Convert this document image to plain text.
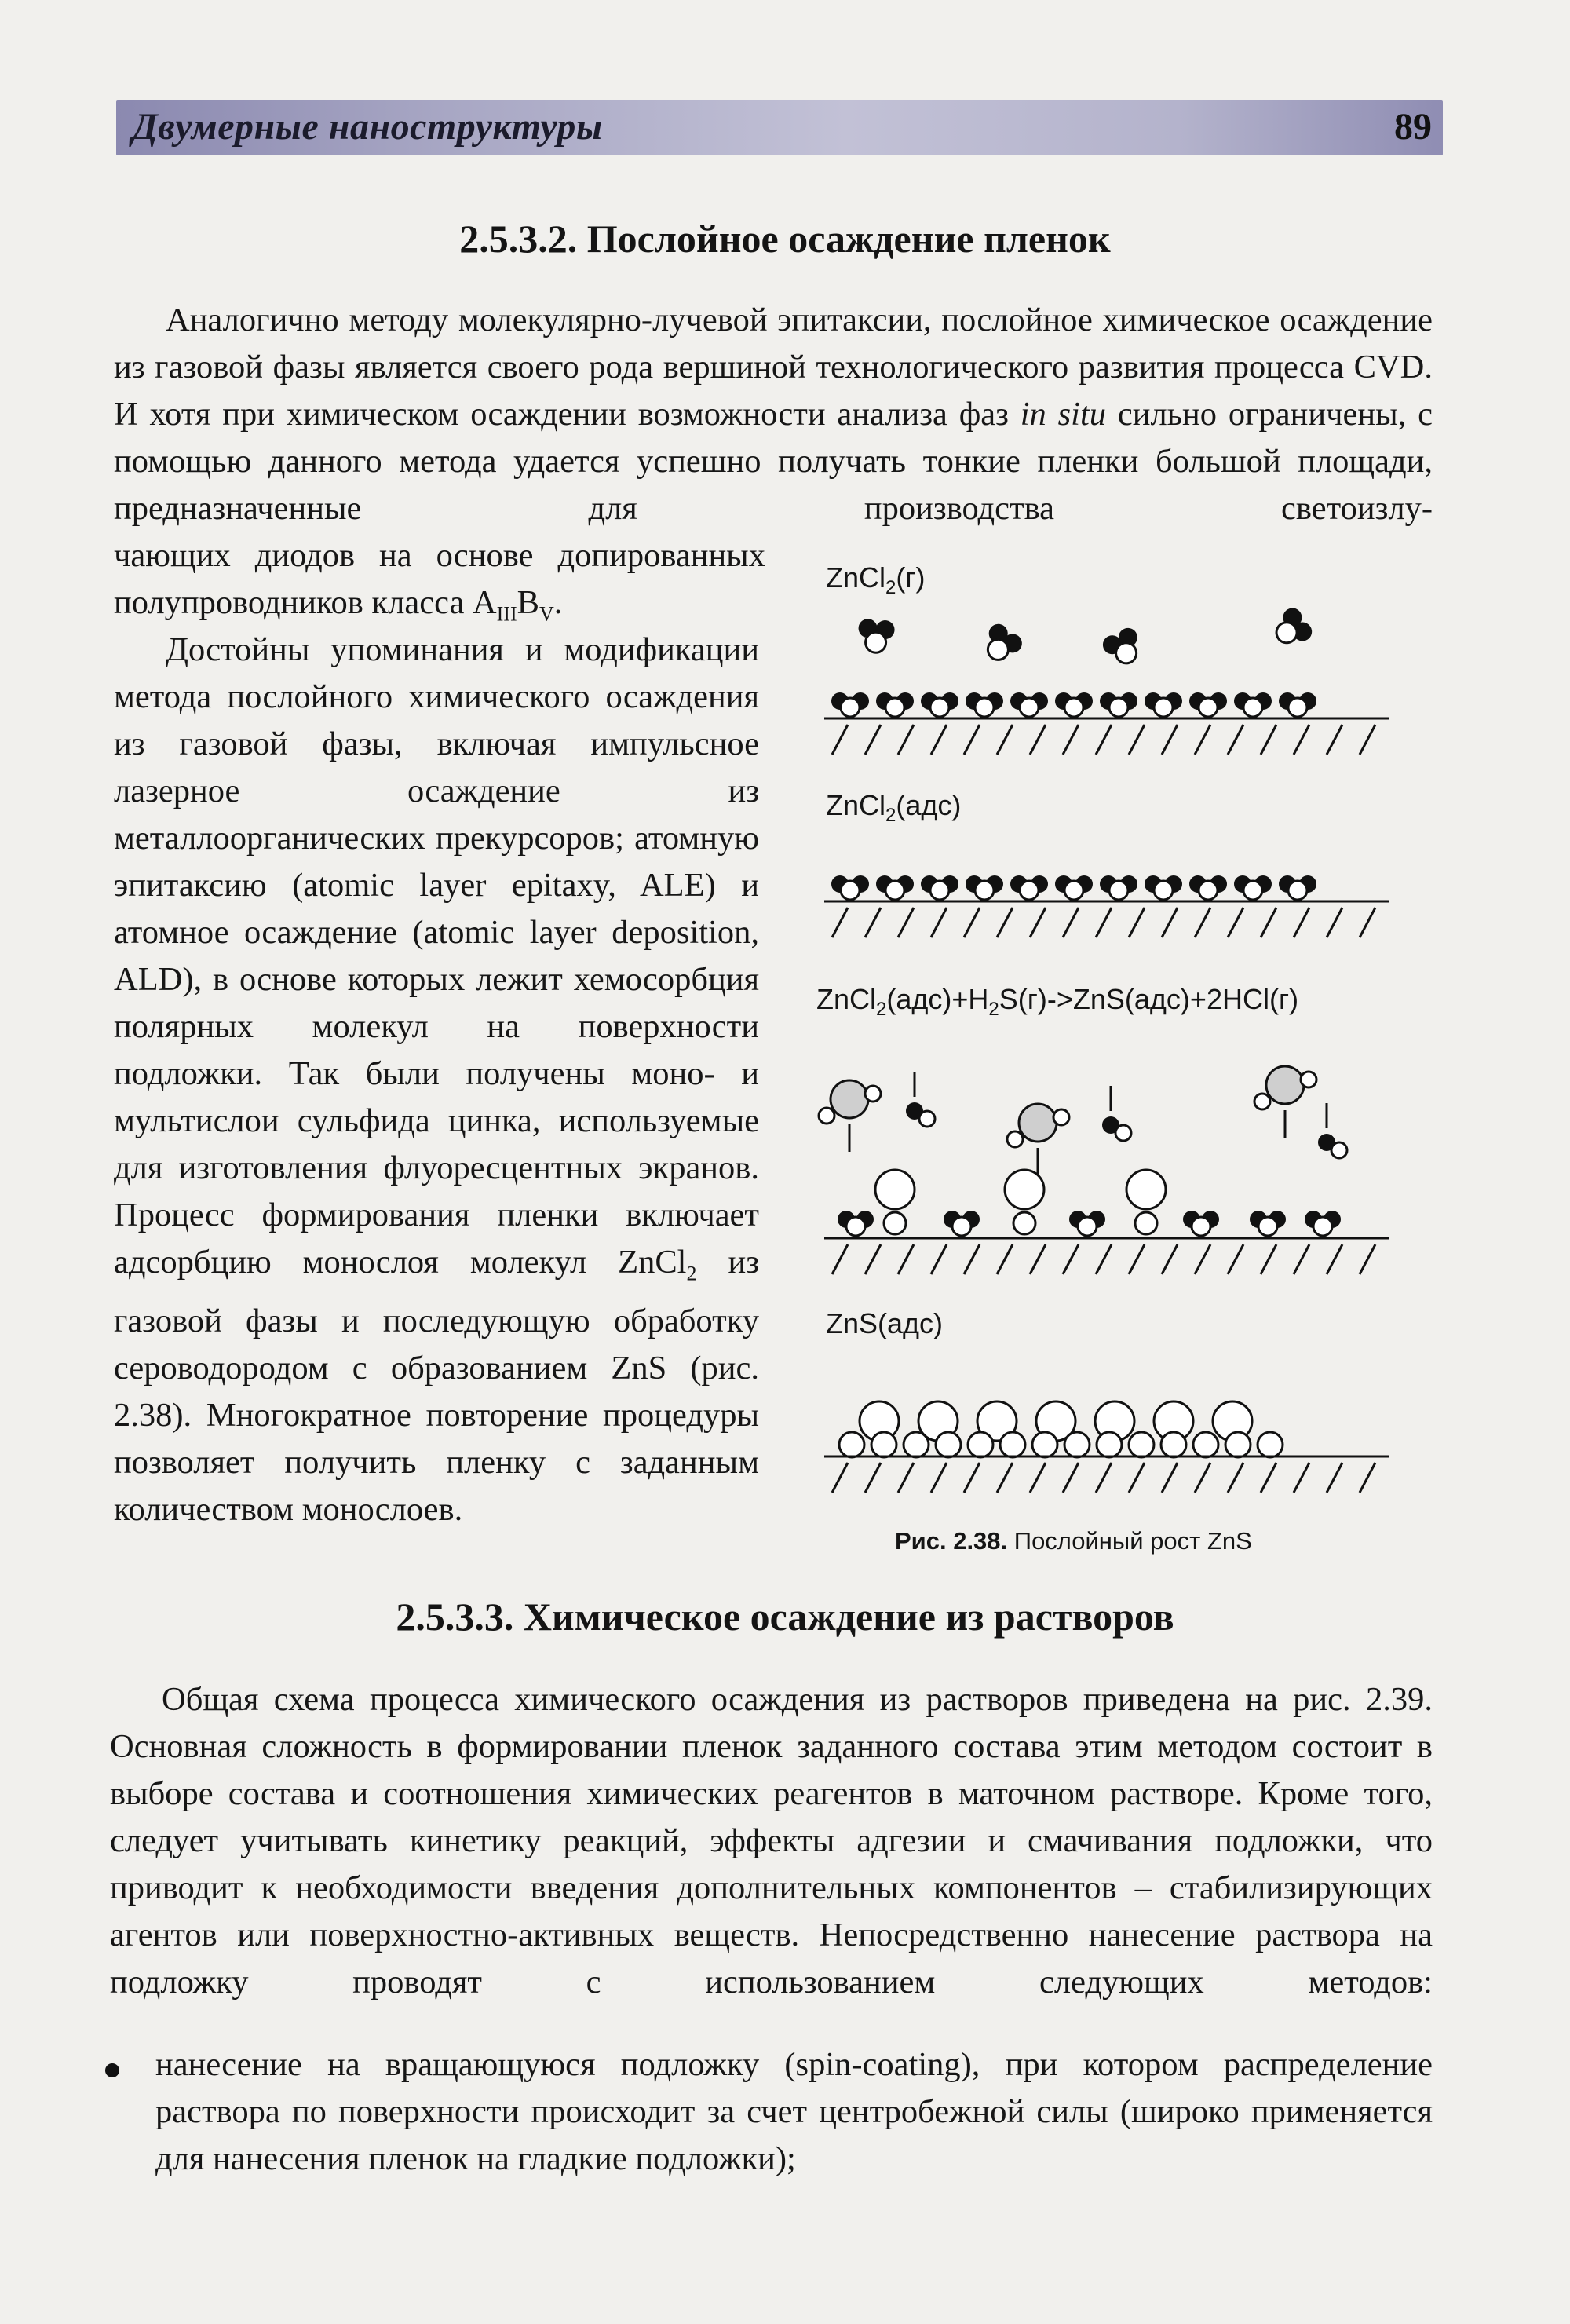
Двумерные наноструктуры	89
2.5.3.2. Послойное осаждение пленок

Аналогично методу молекулярно-лучевой эпитаксии, послойное химическое осаждение из газовой фазы является своего рода вершиной технологического развития процесса CVD. И хотя при химическом осаждении возможности анализа фаз in situ сильно ограничены, с помощью данного метода удается успешно получать тонкие пленки большой площади, предназначенные для производства светоизлу-

чающих диодов на основе допированных полупроводников класса $A_{III}B_V$.

Достойны упоминания и модификации метода послойного химического осаждения из газовой фазы, включая импульсное лазерное осаждение из металлоорганических прекурсоров; атомную эпитаксию (atomic layer epitaxy, ALE) и атомное осаждение (atomic layer deposition, ALD), в основе которых лежит хемосорбция полярных молекул на поверхности подложки. Так были получены моно- и мультислои сульфида цинка, используемые для изготовления флуоресцентных экранов. Процесс формирования пленки включает адсорбцию монослоя молекул ZnCl$_2$ из газовой фазы и последующую обработку сероводородом с образованием ZnS (рис. 2.38). Многократное повторение процедуры позволяет получить пленку с заданным количеством монослоев.

ZnCl$_2$(г)
ZnCl$_2$(адс)
$ZnCl_2(адс)+H_2S(г)->ZnS(адс)+2HCl(г)$
ZnS(адс)
Рис. 2.38. Послойный рост ZnS
2.5.3.3. Химическое осаждение из растворов

Общая схема процесса химического осаждения из растворов приведена на рис. 2.39. Основная сложность в формировании пленок заданного состава этим методом состоит в выборе состава и соотношения химических реагентов в маточном растворе. Кроме того, следует учитывать кинетику реакций, эффекты адгезии и смачивания подложки, что приводит к необходимости введения дополнительных компонентов – стабилизирующих агентов или поверхностно-активных веществ. Непосредственно нанесение раствора на подложку проводят с использованием следующих методов:

нанесение на вращающуюся подложку (spin-coating), при котором распределение раствора по поверхности происходит за счет центробежной силы (широко применяется для нанесения пленок на гладкие подложки);
